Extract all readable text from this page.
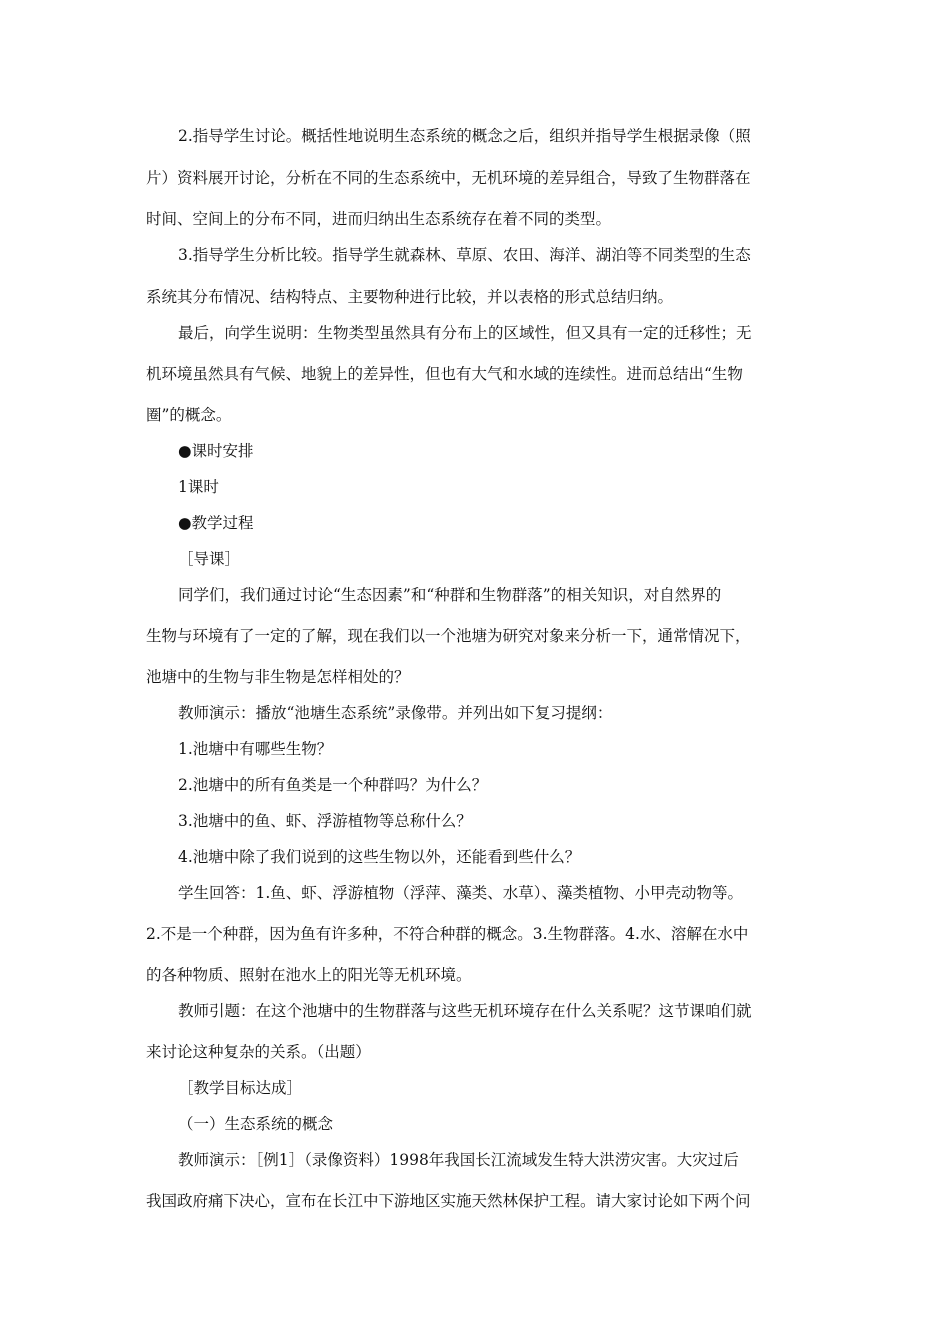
2.指导学生讨论。概括性地说明生态系统的概念之后，组织并指导学生根据录像（照
片）资料展开讨论，分析在不同的生态系统中，无机环境的差异组合，导致了生物群落在
时间、空间上的分布不同，进而归纳出生态系统存在着不同的类型。
3.指导学生分析比较。指导学生就森林、草原、农田、海洋、湖泊等不同类型的生态
系统其分布情况、结构特点、主要物种进行比较，并以表格的形式总结归纳。
最后，向学生说明：生物类型虽然具有分布上的区域性，但又具有一定的迁移性；无
机环境虽然具有气候、地貌上的差异性，但也有大气和水域的连续性。进而总结出“生物
圈”的概念。
●课时安排
1课时
●教学过程
［导课］
同学们，我们通过讨论“生态因素”和“种群和生物群落”的相关知识，对自然界的
生物与环境有了一定的了解，现在我们以一个池塘为研究对象来分析一下，通常情况下，
池塘中的生物与非生物是怎样相处的？
教师演示：播放“池塘生态系统”录像带。并列出如下复习提纲：
1.池塘中有哪些生物？
2.池塘中的所有鱼类是一个种群吗？为什么？
3.池塘中的鱼、虾、浮游植物等总称什么？
4.池塘中除了我们说到的这些生物以外，还能看到些什么？
学生回答：1.鱼、虾、浮游植物（浮萍、藻类、水草）、藻类植物、小甲壳动物等。
2.不是一个种群，因为鱼有许多种，不符合种群的概念。3.生物群落。4.水、溶解在水中
的各种物质、照射在池水上的阳光等无机环境。
教师引题：在这个池塘中的生物群落与这些无机环境存在什么关系呢？这节课咱们就
来讨论这种复杂的关系。（出题）
［教学目标达成］
（一）生态系统的概念
教师演示：［例1］（录像资料）1998年我国长江流域发生特大洪涝灾害。大灾过后
我国政府痛下决心，宣布在长江中下游地区实施天然林保护工程。请大家讨论如下两个问
